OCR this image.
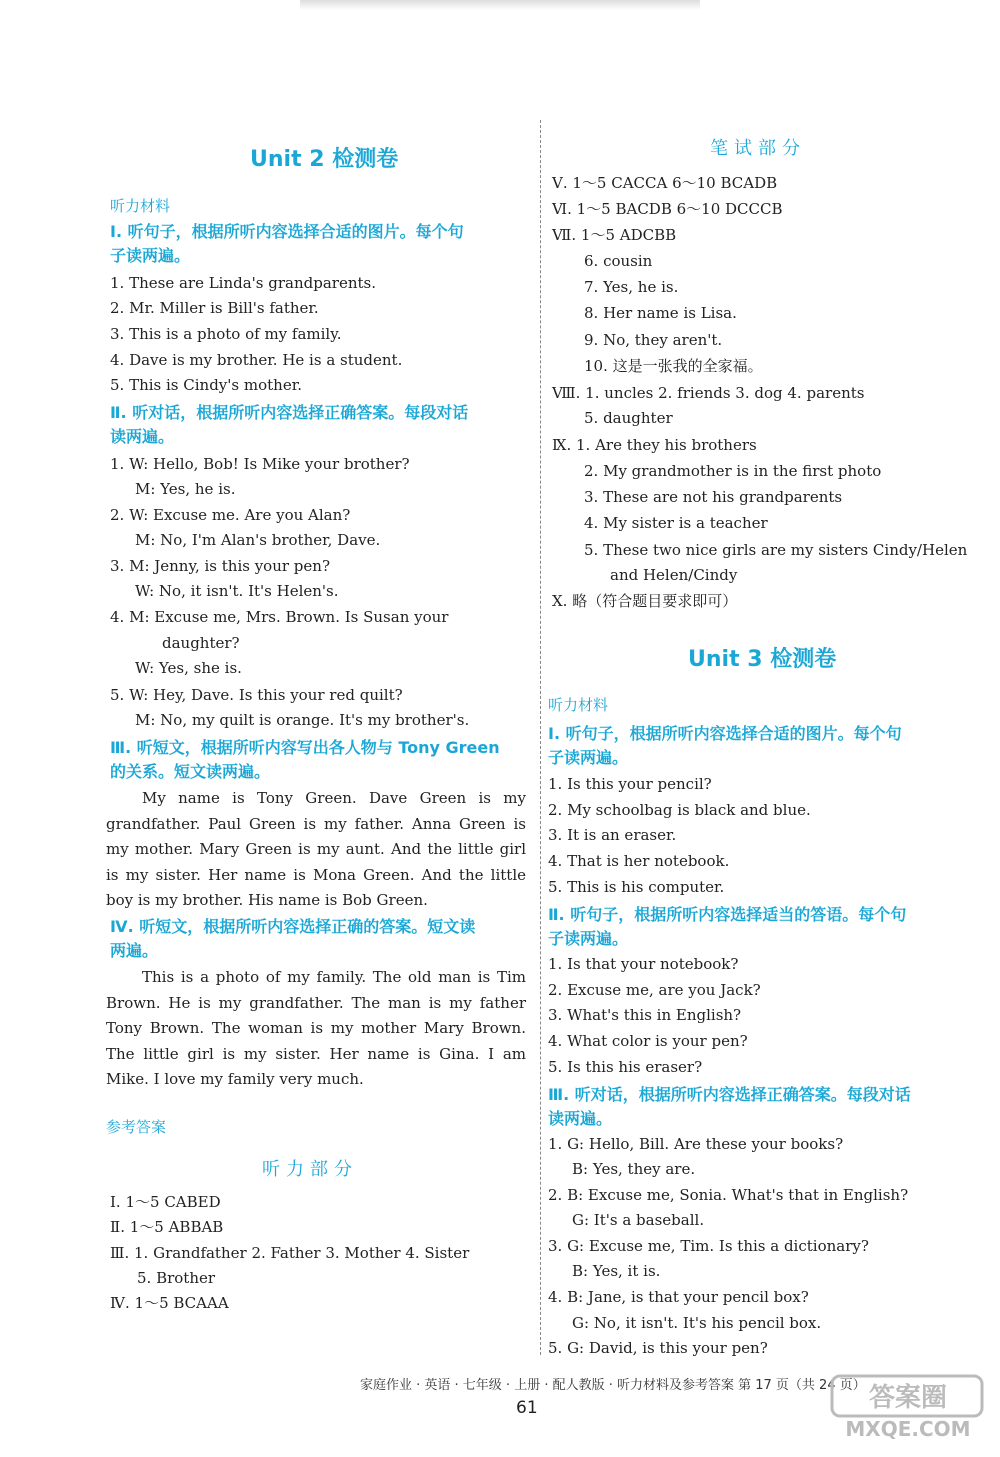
Unit 2 检测卷
听力材料
Ⅰ. 听句子，根据所听内容选择合适的图片。每个句
子读两遍。
1. These are Linda's grandparents.
2. Mr. Miller is Bill's father.
3. This is a photo of my family.
4. Dave is my brother. He is a student.
5. This is Cindy's mother.
Ⅱ. 听对话，根据所听内容选择正确答案。每段对话
读两遍。
1. W: Hello, Bob! Is Mike your brother?
M: Yes, he is.
2. W: Excuse me. Are you Alan?
M: No, I'm Alan's brother, Dave.
3. M: Jenny, is this your pen?
W: No, it isn't. It's Helen's.
4. M: Excuse me, Mrs. Brown. Is Susan your
daughter?
W: Yes, she is.
5. W: Hey, Dave. Is this your red quilt?
M: No, my quilt is orange. It's my brother's.
Ⅲ. 听短文，根据所听内容写出各人物与 Tony Green
的关系。短文读两遍。
My name is Tony Green. Dave Green is my grandfather. Paul Green is my father. Anna Green is my mother. Mary Green is my aunt. And the little girl is my sister. Her name is Mona Green. And the little boy is my brother. His name is Bob Green.
Ⅳ. 听短文，根据所听内容选择正确的答案。短文读
两遍。
This is a photo of my family. The old man is Tim Brown. He is my grandfather. The man is my father Tony Brown. The woman is my mother Mary Brown. The little girl is my sister. Her name is Gina. I am Mike. I love my family very much.
参考答案
听力部分
Ⅰ. 1～5 CABED
Ⅱ. 1～5 ABBAB
Ⅲ. 1. Grandfather 2. Father 3. Mother 4. Sister
5. Brother
Ⅳ. 1～5 BCAAA
笔试部分
Ⅴ. 1～5 CACCA 6～10 BCADB
Ⅵ. 1～5 BACDB 6～10 DCCCB
Ⅶ. 1～5 ADCBB
6. cousin
7. Yes, he is.
8. Her name is Lisa.
9. No, they aren't.
10. 这是一张我的全家福。
Ⅷ. 1. uncles 2. friends 3. dog 4. parents
5. daughter
Ⅸ. 1. Are they his brothers
2. My grandmother is in the first photo
3. These are not his grandparents
4. My sister is a teacher
5. These two nice girls are my sisters Cindy/Helen
and Helen/Cindy
Ⅹ. 略（符合题目要求即可）
Unit 3 检测卷
听力材料
Ⅰ. 听句子，根据所听内容选择合适的图片。每个句
子读两遍。
1. Is this your pencil?
2. My schoolbag is black and blue.
3. It is an eraser.
4. That is her notebook.
5. This is his computer.
Ⅱ. 听句子，根据所听内容选择适当的答语。每个句
子读两遍。
1. Is that your notebook?
2. Excuse me, are you Jack?
3. What's this in English?
4. What color is your pen?
5. Is this his eraser?
Ⅲ. 听对话，根据所听内容选择正确答案。每段对话
读两遍。
1. G: Hello, Bill. Are these your books?
B: Yes, they are.
2. B: Excuse me, Sonia. What's that in English?
G: It's a baseball.
3. G: Excuse me, Tim. Is this a dictionary?
B: Yes, it is.
4. B: Jane, is that your pencil box?
G: No, it isn't. It's his pencil box.
5. G: David, is this your pen?
家庭作业 · 英语 · 七年级 · 上册 · 配人教版 · 听力材料及参考答案 第 17 页（共 24 页）
61	答案圈
MXQE.COM
